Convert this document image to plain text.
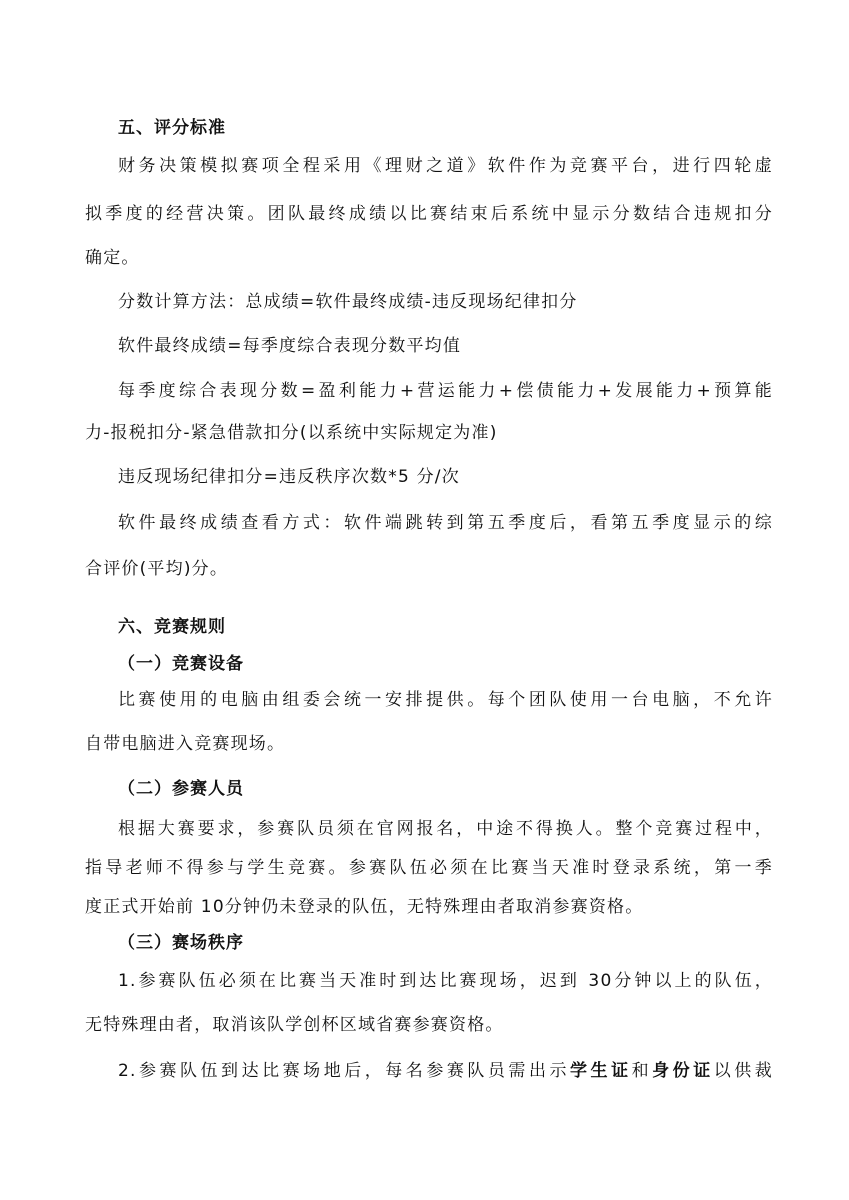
五、评分标准
财务决策模拟赛项全程采用《理财之道》软件作为竞赛平台，进行四轮虚
拟季度的经营决策。团队最终成绩以比赛结束后系统中显示分数结合违规扣分
确定。
分数计算方法：总成绩=软件最终成绩-违反现场纪律扣分
软件最终成绩=每季度综合表现分数平均值
每季度综合表现分数=盈利能力+营运能力+偿债能力+发展能力+预算能
力-报税扣分-紧急借款扣分(以系统中实际规定为准)
违反现场纪律扣分=违反秩序次数*5 分/次
软件最终成绩查看方式：软件端跳转到第五季度后，看第五季度显示的综
合评价(平均)分。
六、竞赛规则
（一）竞赛设备
比赛使用的电脑由组委会统一安排提供。每个团队使用一台电脑，不允许
自带电脑进入竞赛现场。
（二）参赛人员
根据大赛要求，参赛队员须在官网报名，中途不得换人。整个竞赛过程中，
指导老师不得参与学生竞赛。参赛队伍必须在比赛当天准时登录系统，第一季
度正式开始前 10分钟仍未登录的队伍，无特殊理由者取消参赛资格。
（三）赛场秩序
1.参赛队伍必须在比赛当天准时到达比赛现场，迟到 30分钟以上的队伍，
无特殊理由者，取消该队学创杯区域省赛参赛资格。
2.参赛队伍到达比赛场地后，每名参赛队员需出示学生证和身份证以供裁
